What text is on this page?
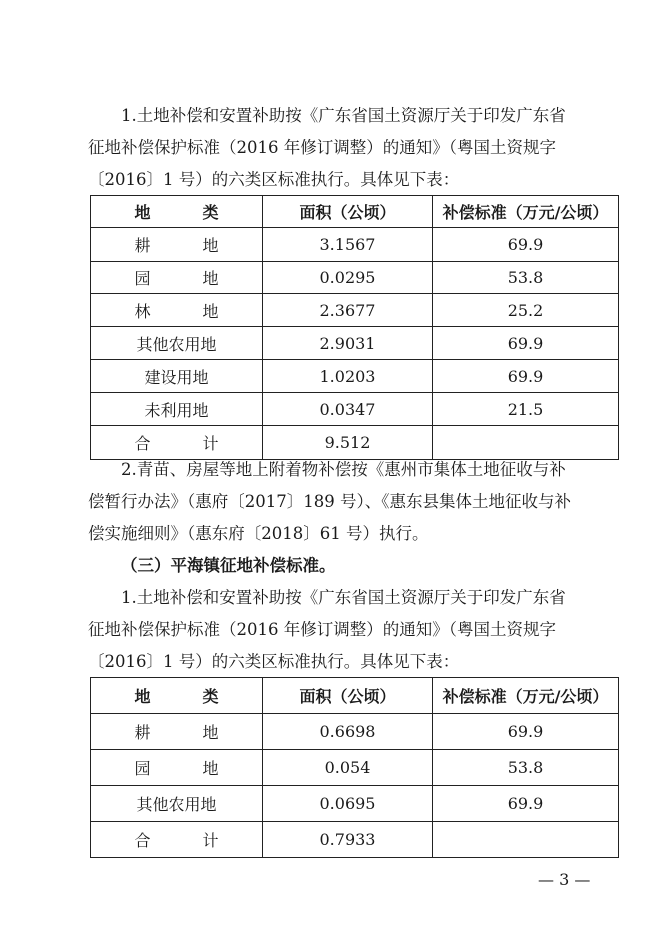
1.土地补偿和安置补助按《广东省国土资源厅关于印发广东省

征地补偿保护标准（2016 年修订调整）的通知》（粤国土资规字

〔2016〕1 号）的六类区标准执行。具体见下表：

地　类	面积（公顷）	补偿标准（万元/公顷）
耕　地	3.1567	69.9
园　地	0.0295	53.8
林　地	2.3677	25.2
其他农用地	2.9031	69.9
建设用地	1.0203	69.9
未利用地	0.0347	21.5
合　计	9.512	

2.青苗、房屋等地上附着物补偿按《惠州市集体土地征收与补

偿暂行办法》（惠府〔2017〕189 号）、《惠东县集体土地征收与补

偿实施细则》（惠东府〔2018〕61 号）执行。

（三）平海镇征地补偿标准。

1.土地补偿和安置补助按《广东省国土资源厅关于印发广东省

征地补偿保护标准（2016 年修订调整）的通知》（粤国土资规字

〔2016〕1 号）的六类区标准执行。具体见下表：

地　类	面积（公顷）	补偿标准（万元/公顷）
耕　地	0.6698	69.9
园　地	0.054	53.8
其他农用地	0.0695	69.9
合　计	0.7933	
— 3 —
